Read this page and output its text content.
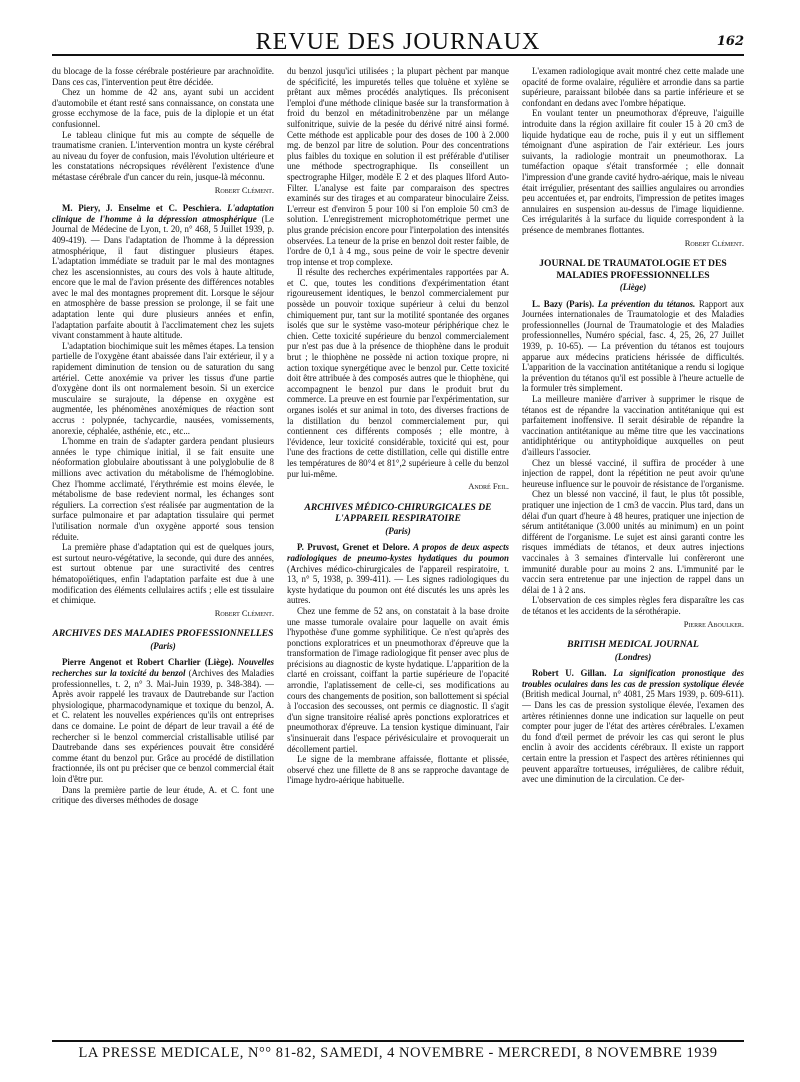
REVUE DES JOURNAUX	162

du blocage de la fosse cérébrale postérieure par arachnoïdite. Dans ces cas, l'intervention peut être décidée.

Chez un homme de 42 ans, ayant subi un accident d'automobile et étant resté sans connaissance, on constata une grosse ecchymose de la face, puis de la diplopie et un état confusionnel.

Le tableau clinique fut mis au compte de séquelle de traumatisme cranien. L'intervention montra un kyste cérébral au niveau du foyer de confusion, mais l'évolution ultérieure et les constatations nécropsiques révélèrent l'existence d'une métastase cérébrale d'un cancer du rein, jusque-là méconnu.

Robert Clément.

M. Piery, J. Enselme et C. Peschiera. L'adaptation clinique de l'homme à la dépression atmosphérique (Le Journal de Médecine de Lyon, t. 20, n° 468, 5 Juillet 1939, p. 409-419). — Dans l'adaptation de l'homme à la dépression atmosphérique, il faut distinguer plusieurs étapes. L'adaptation immédiate se traduit par le mal des montagnes chez les ascensionnistes, au cours des vols à haute altitude, encore que le mal de l'avion présente des différences notables avec le mal des montagnes proprement dit. Lorsque le séjour en atmosphère de basse pression se prolonge, il se fait une adaptation lente qui dure plusieurs années et enfin, l'adaptation parfaite aboutit à l'acclimatement chez les sujets vivant constamment à haute altitude.

L'adaptation biochimique suit les mêmes étapes. La tension partielle de l'oxygène étant abaissée dans l'air extérieur, il y a rapidement diminution de tension ou de saturation du sang artériel. Cette anoxémie va priver les tissus d'une partie d'oxygène dont ils ont normalement besoin. Si un exercice musculaire se surajoute, la dépense en oxygène est augmentée, les phénomènes anoxémiques de réaction sont accrus : polypnée, tachycardie, nausées, vomissements, anorexie, céphalée, asthénie, etc., etc...

L'homme en train de s'adapter gardera pendant plusieurs années le type chimique initial, il se fait ensuite une néoformation globulaire aboutissant à une polyglobulie de 8 millions avec activation du métabolisme de l'hémoglobine. Chez l'homme acclimaté, l'érythrémie est moins élevée, le métabolisme de base redevient normal, les échanges sont réguliers. La correction s'est réalisée par augmentation de la surface pulmonaire et par adaptation tissulaire qui permet l'utilisation normale d'un oxygène apporté sous tension réduite.

La première phase d'adaptation qui est de quelques jours, est surtout neuro-végétative, la seconde, qui dure des années, est surtout obtenue par une suractivité des centres hématopoïétiques, enfin l'adaptation parfaite est due à une modification des éléments cellulaires actifs ; elle est tissulaire et chimique.

Robert Clément.
ARCHIVES DES MALADIES PROFESSIONNELLES
(Paris)

Pierre Angenot et Robert Charlier (Liège). Nouvelles recherches sur la toxicité du benzol (Archives des Maladies professionnelles, t. 2, n° 3. Mai-Juin 1939, p. 348-384). — Après avoir rappelé les travaux de Dautrebande sur l'action physiologique, pharmacodynamique et toxique du benzol, A. et C. relatent les nouvelles expériences qu'ils ont entreprises dans ce domaine. Le point de départ de leur travail a été de rechercher si le benzol commercial cristallisable utilisé par Dautrebande dans ses expériences pouvait être considéré comme étant du benzol pur. Grâce au procédé de distillation fractionnée, ils ont pu préciser que ce benzol commercial était loin d'être pur.

Dans la première partie de leur étude, A. et C. font une critique des diverses méthodes de dosage

du benzol jusqu'ici utilisées ; la plupart pèchent par manque de spécificité, les impuretés telles que toluène et xylène se prêtant aux mêmes procédés analytiques. Ils préconisent l'emploi d'une méthode clinique basée sur la transformation à froid du benzol en métadinitrobenzène par un mélange sulfonitrique, suivie de la pesée du dérivé nitré ainsi formé. Cette méthode est applicable pour des doses de 100 à 2.000 mg. de benzol par litre de solution. Pour des concentrations plus faibles du toxique en solution il est préférable d'utiliser une méthode spectrographique. Ils conseillent un spectrographe Hilger, modèle E 2 et des plaques Ilford Auto-Filter. L'analyse est faite par comparaison des spectres examinés sur des tirages et au comparateur binoculaire Zeiss. L'erreur est d'environ 5 pour 100 si l'on emploie 50 cm3 de solution. L'enregistrement microphotométrique permet une plus grande précision encore pour l'interpolation des intensités observées. La teneur de la prise en benzol doit rester faible, de l'ordre de 0,1 à 4 mg., sous peine de voir le spectre devenir trop intense et trop complexe.

Il résulte des recherches expérimentales rapportées par A. et C. que, toutes les conditions d'expérimentation étant rigoureusement identiques, le benzol commercialement pur possède un pouvoir toxique supérieur à celui du benzol chimiquement pur, tant sur la motilité spontanée des organes isolés que sur le système vaso-moteur périphérique chez le chien. Cette toxicité supérieure du benzol commercialement pur n'est pas due à la présence de thiophène dans le produit brut ; le thiophène ne possède ni action toxique propre, ni action toxique synergétique avec le benzol pur. Cette toxicité doit être attribuée à des composés autres que le thiophène, qui accompagnent le benzol pur dans le produit brut du commerce. La preuve en est fournie par l'expérimentation, sur organes isolés et sur animal in toto, des diverses fractions de la distillation du benzol commercialement pur, qui contiennent ces différents composés ; elle montre, à l'évidence, leur toxicité considérable, toxicité qui est, pour l'une des fractions de cette distillation, celle qui distille entre les températures de 80°4 et 81°,2 supérieure à celle du benzol pur lui-même.

André Feil.
ARCHIVES MÉDICO-CHIRURGICALES DE L'APPAREIL RESPIRATOIRE
(Paris)

P. Pruvost, Grenet et Delore. A propos de deux aspects radiologiques de pneumo-kystes hydatiques du poumon (Archives médico-chirurgicales de l'appareil respiratoire, t. 13, n° 5, 1938, p. 399-411). — Les signes radiologiques du kyste hydatique du poumon ont été discutés les uns après les autres.

Chez une femme de 52 ans, on constatait à la base droite une masse tumorale ovalaire pour laquelle on avait émis l'hypothèse d'une gomme syphilitique. Ce n'est qu'après des ponctions exploratrices et un pneumothorax d'épreuve que la transformation de l'image radiologique fit penser avec plus de précisions au diagnostic de kyste hydatique. L'apparition de la clarté en croissant, coiffant la partie supérieure de l'opacité arrondie, l'aplatissement de celle-ci, ses modifications au cours des changements de position, son ballottement si spécial à l'occasion des secousses, ont permis ce diagnostic. Il s'agit d'un signe transitoire réalisé après ponctions exploratrices et pneumothorax d'épreuve. La tension kystique diminuant, l'air s'insinuerait dans l'espace périvésiculaire et provoquerait un décollement partiel.

Le signe de la membrane affaissée, flottante et plissée, observé chez une fillette de 8 ans se rapproche davantage de l'image hydro-aérique habituelle.

L'examen radiologique avait montré chez cette malade une opacité de forme ovalaire, régulière et arrondie dans sa partie supérieure, paraissant bilobée dans sa partie inférieure et se confondant en dedans avec l'ombre hépatique.

En voulant tenter un pneumothorax d'épreuve, l'aiguille introduite dans la région axillaire fit couler 15 à 20 cm3 de liquide hydatique eau de roche, puis il y eut un sifflement témoignant d'une aspiration de l'air extérieur. Les jours suivants, la radiologie montrait un pneumothorax. La tuméfaction opaque s'était transformée ; elle donnait l'impression d'une grande cavité hydro-aérique, mais le niveau était irrégulier, présentant des saillies angulaires ou arrondies peu accentuées et, par endroits, l'impression de petites images annulaires en suspension au-dessus de l'image liquidienne. Ces irrégularités à la surface du liquide correspondent à la présence de membranes flottantes.

Robert Clément.
JOURNAL DE TRAUMATOLOGIE ET DES MALADIES PROFESSIONNELLES
(Liège)

L. Bazy (Paris). La prévention du tétanos. Rapport aux Journées internationales de Traumatologie et des Maladies professionnelles (Journal de Traumatologie et des Maladies professionnelles, Numéro spécial, fasc. 4, 25, 26, 27 Juillet 1939, p. 10-65). — La prévention du tétanos est toujours apparue aux médecins praticiens hérissée de difficultés. L'apparition de la vaccination antitétanique a rendu si logique la prévention du tétanos qu'il est possible à l'heure actuelle de la formuler très simplement.

La meilleure manière d'arriver à supprimer le risque de tétanos est de répandre la vaccination antitétanique qui est parfaitement inoffensive. Il serait désirable de répandre la vaccination antitétanique au même titre que les vaccinations antidiphtérique ou antityphoïdique auxquelles on peut d'ailleurs l'associer.

Chez un blessé vacciné, il suffira de procéder à une injection de rappel, dont la répétition ne peut avoir qu'une heureuse influence sur le pouvoir de résistance de l'organisme.

Chez un blessé non vacciné, il faut, le plus tôt possible, pratiquer une injection de 1 cm3 de vaccin. Plus tard, dans un délai d'un quart d'heure à 48 heures, pratiquer une injection de sérum antitétanique (3.000 unités au minimum) en un point différent de l'organisme. Le sujet est ainsi garanti contre les risques immédiats de tétanos, et deux autres injections vaccinales à 3 semaines d'intervalle lui confèreront une immunité durable pour au moins 2 ans. L'immunité par le vaccin sera entretenue par une injection de rappel dans un délai de 1 à 2 ans.

L'observation de ces simples règles fera disparaître les cas de tétanos et les accidents de la sérothérapie.

Pierre Aboulker.
BRITISH MEDICAL JOURNAL
(Londres)

Robert U. Gillan. La signification pronostique des troubles oculaires dans les cas de pression systolique élevée (British medical Journal, n° 4081, 25 Mars 1939, p. 609-611). — Dans les cas de pression systolique élevée, l'examen des artères rétiniennes donne une indication sur laquelle on peut compter pour juger de l'état des artères cérébrales. L'examen du fond d'œil permet de prévoir les cas qui seront le plus enclin à avoir des accidents cérébraux. Il existe un rapport certain entre la pression et l'aspect des artères rétiniennes qui peuvent apparaître tortueuses, irrégulières, de calibre réduit, avec une diminution de la circulation. Ce der-

LA PRESSE MEDICALE, N°° 81-82, SAMEDI, 4 NOVEMBRE - MERCREDI, 8 NOVEMBRE 1939
